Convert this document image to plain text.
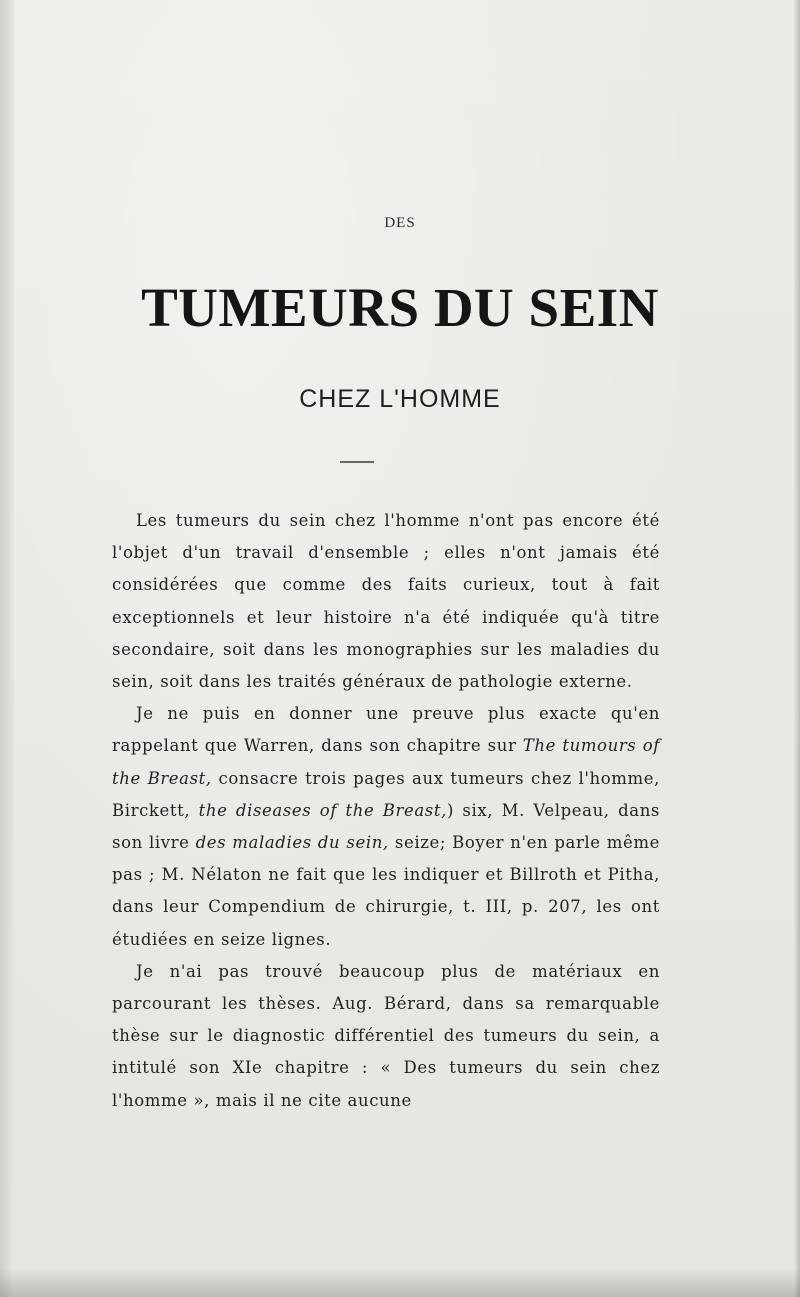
DES
TUMEURS DU SEIN
CHEZ L'HOMME

Les tumeurs du sein chez l'homme n'ont pas encore été l'objet d'un travail d'ensemble ; elles n'ont jamais été considérées que comme des faits curieux, tout à fait exceptionnels et leur histoire n'a été indiquée qu'à titre secondaire, soit dans les monographies sur les maladies du sein, soit dans les traités généraux de pathologie externe.

Je ne puis en donner une preuve plus exacte qu'en rappelant que Warren, dans son chapitre sur The tumours of the Breast, consacre trois pages aux tumeurs chez l'homme, Birckett, the diseases of the Breast,) six, M. Velpeau, dans son livre des maladies du sein, seize; Boyer n'en parle même pas ; M. Nélaton ne fait que les indiquer et Billroth et Pitha, dans leur Compendium de chirurgie, t. III, p. 207, les ont étudiées en seize lignes.

Je n'ai pas trouvé beaucoup plus de matériaux en parcourant les thèses. Aug. Bérard, dans sa remarquable thèse sur le diagnostic différentiel des tumeurs du sein, a intitulé son XIe chapitre : « Des tumeurs du sein chez l'homme », mais il ne cite aucune
